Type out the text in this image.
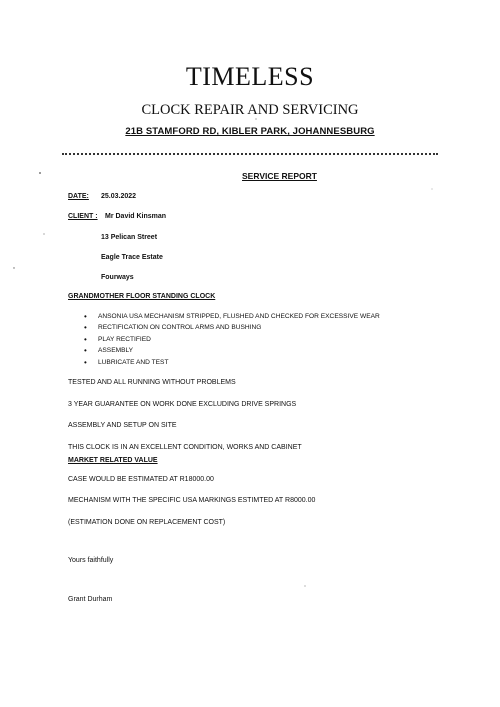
TIMELESS
CLOCK REPAIR AND SERVICING
21B STAMFORD RD, KIBLER PARK, JOHANNESBURG
SERVICE REPORT
DATE: 25.03.2022
CLIENT : Mr David Kinsman
13 Pelican Street
Eagle Trace Estate
Fourways
GRANDMOTHER FLOOR STANDING CLOCK
• ANSONIA USA MECHANISM STRIPPED, FLUSHED AND CHECKED FOR EXCESSIVE WEAR
• RECTIFICATION ON CONTROL ARMS AND BUSHING
• PLAY RECTIFIED
• ASSEMBLY
• LUBRICATE AND TEST
TESTED AND ALL RUNNING WITHOUT PROBLEMS
3 YEAR GUARANTEE ON WORK DONE EXCLUDING DRIVE SPRINGS
ASSEMBLY AND SETUP ON SITE
THIS CLOCK IS IN AN EXCELLENT CONDITION, WORKS AND CABINET
MARKET RELATED VALUE
CASE WOULD BE ESTIMATED AT R18000.00
MECHANISM WITH THE SPECIFIC USA MARKINGS ESTIMTED AT R8000.00
(ESTIMATION DONE ON REPLACEMENT COST)
Yours faithfully
Grant Durham
